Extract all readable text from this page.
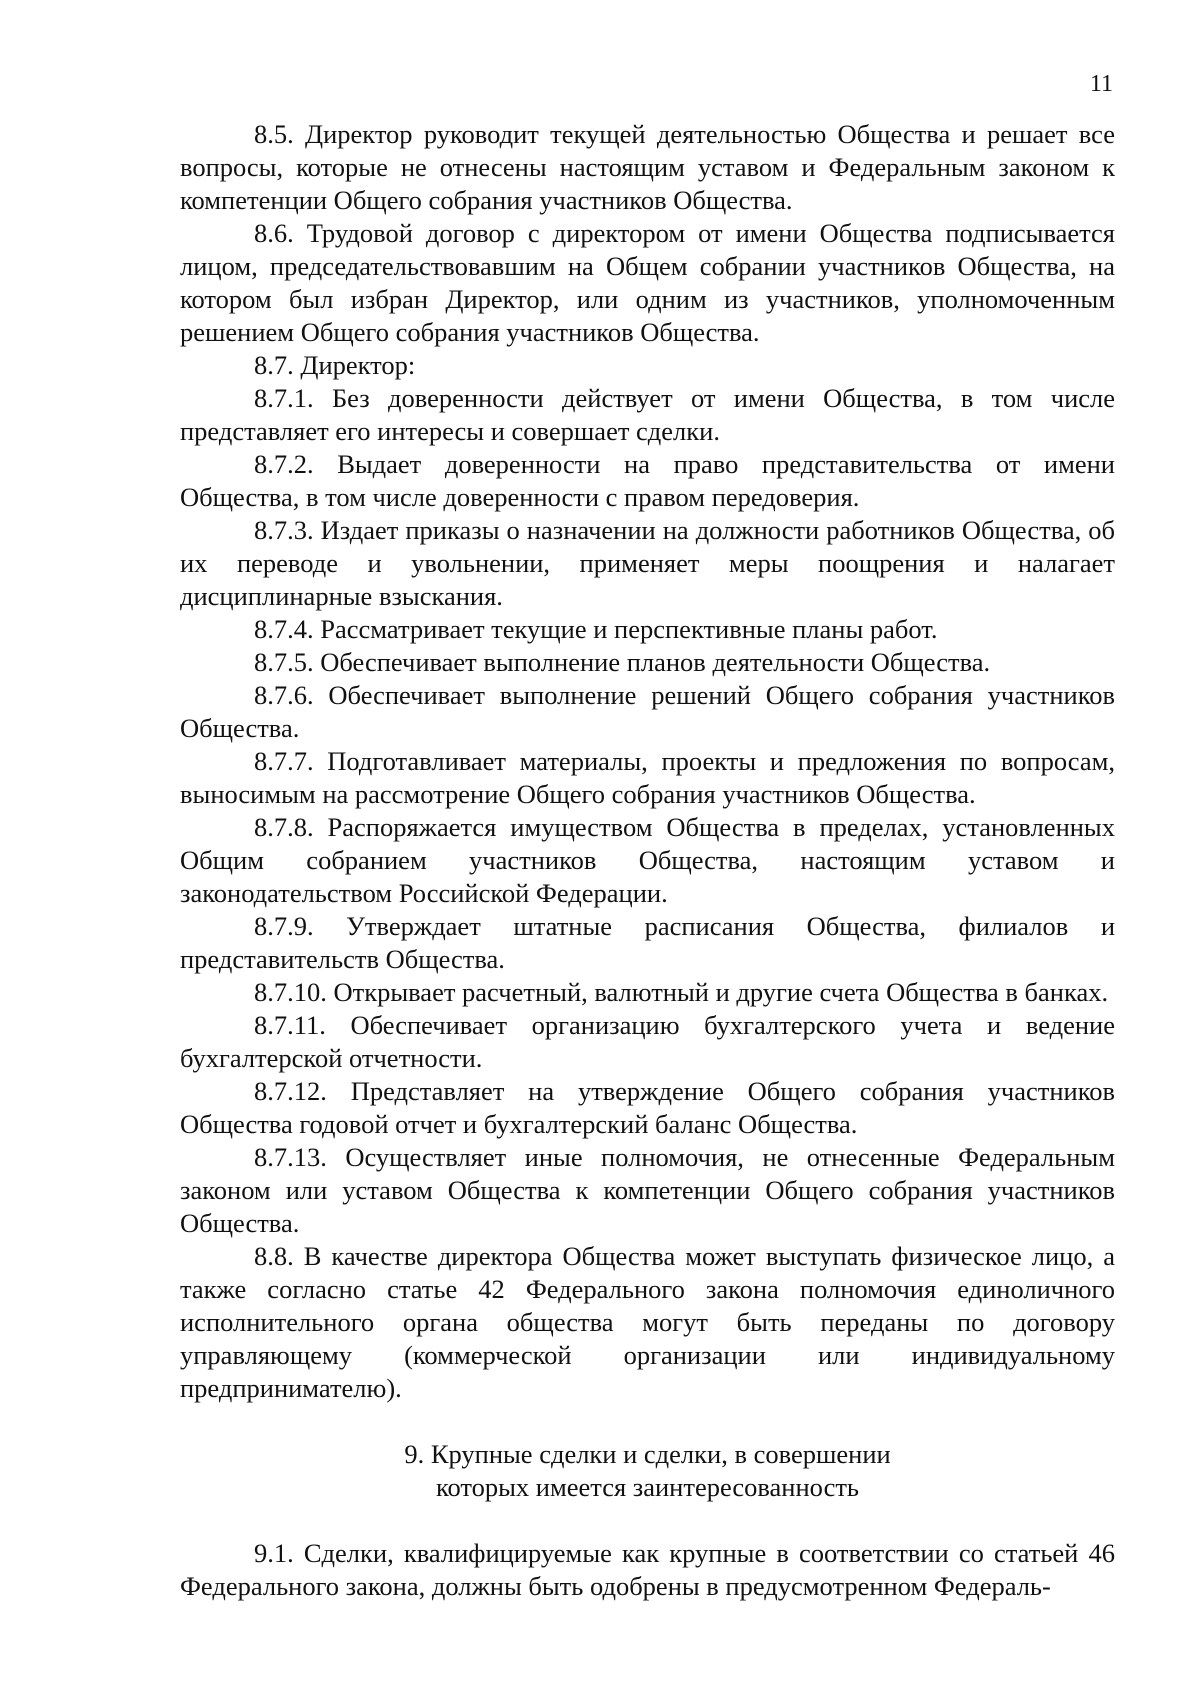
11

8.5. Директор руководит текущей деятельностью Общества и решает все вопросы, которые не отнесены настоящим уставом и Федеральным законом к компетенции Общего собрания участников Общества.

8.6. Трудовой договор с директором от имени Общества подписывается лицом, председательствовавшим на Общем собрании участников Общества, на котором был избран Директор, или одним из участников, уполномоченным решением Общего собрания участников Общества.

8.7. Директор:

8.7.1. Без доверенности действует от имени Общества, в том числе представляет его интересы и совершает сделки.

8.7.2. Выдает доверенности на право представительства от имени Общества, в том числе доверенности с правом передоверия.

8.7.3. Издает приказы о назначении на должности работников Общества, об их переводе и увольнении, применяет меры поощрения и налагает дисциплинарные взыскания.

8.7.4. Рассматривает текущие и перспективные планы работ.

8.7.5. Обеспечивает выполнение планов деятельности Общества.

8.7.6. Обеспечивает выполнение решений Общего собрания участников Общества.

8.7.7. Подготавливает материалы, проекты и предложения по вопросам, выносимым на рассмотрение Общего собрания участников Общества.

8.7.8. Распоряжается имуществом Общества в пределах, установленных Общим собранием участников Общества, настоящим уставом и законодательством Российской Федерации.

8.7.9. Утверждает штатные расписания Общества, филиалов и представительств Общества.

8.7.10. Открывает расчетный, валютный и другие счета Общества в банках.

8.7.11. Обеспечивает организацию бухгалтерского учета и ведение бухгалтерской отчетности.

8.7.12. Представляет на утверждение Общего собрания участников Общества годовой отчет и бухгалтерский баланс Общества.

8.7.13. Осуществляет иные полномочия, не отнесенные Федеральным законом или уставом Общества к компетенции Общего собрания участников Общества.

8.8. В качестве директора Общества может выступать физическое лицо, а также согласно статье 42 Федерального закона полномочия единоличного исполнительного органа общества могут быть переданы по договору управляющему (коммерческой организации или индивидуальному предпринимателю).

9. Крупные сделки и сделки, в совершении
которых имеется заинтересованность

9.1. Сделки, квалифицируемые как крупные в соответствии со статьей 46 Федерального закона, должны быть одобрены в предусмотренном Федераль-
